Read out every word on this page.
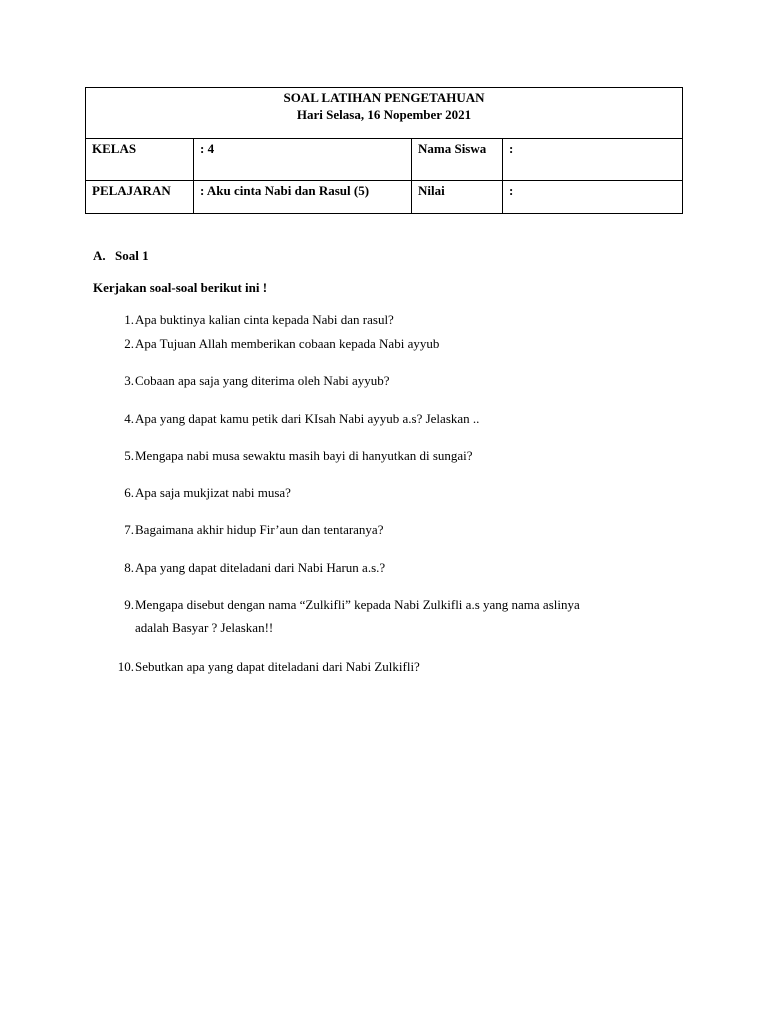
SOAL LATIHAN PENGETAHUAN
Hari Selasa, 16 Nopember 2021			

KELAS	: 4	Nama Siswa	:
PELAJARAN	: Aku cinta Nabi dan Rasul (5)	Nilai	:
A. Soal 1
Kerjakan soal-soal berikut ini !
1. Apa buktinya kalian cinta kepada Nabi dan rasul?
2. Apa Tujuan Allah memberikan cobaan kepada Nabi ayyub
3. Cobaan apa saja yang diterima oleh Nabi ayyub?
4. Apa yang dapat kamu petik dari KIsah Nabi ayyub a.s? Jelaskan ..
5. Mengapa nabi musa sewaktu masih bayi di hanyutkan di sungai?
6. Apa saja mukjizat nabi musa?
7. Bagaimana akhir hidup Fir’aun dan tentaranya?
8. Apa yang dapat diteladani dari Nabi Harun a.s.?
9. Mengapa disebut dengan nama “Zulkifli” kepada Nabi Zulkifli a.s yang nama aslinya
adalah Basyar ? Jelaskan!!
10. Sebutkan apa yang dapat diteladani dari Nabi Zulkifli?
